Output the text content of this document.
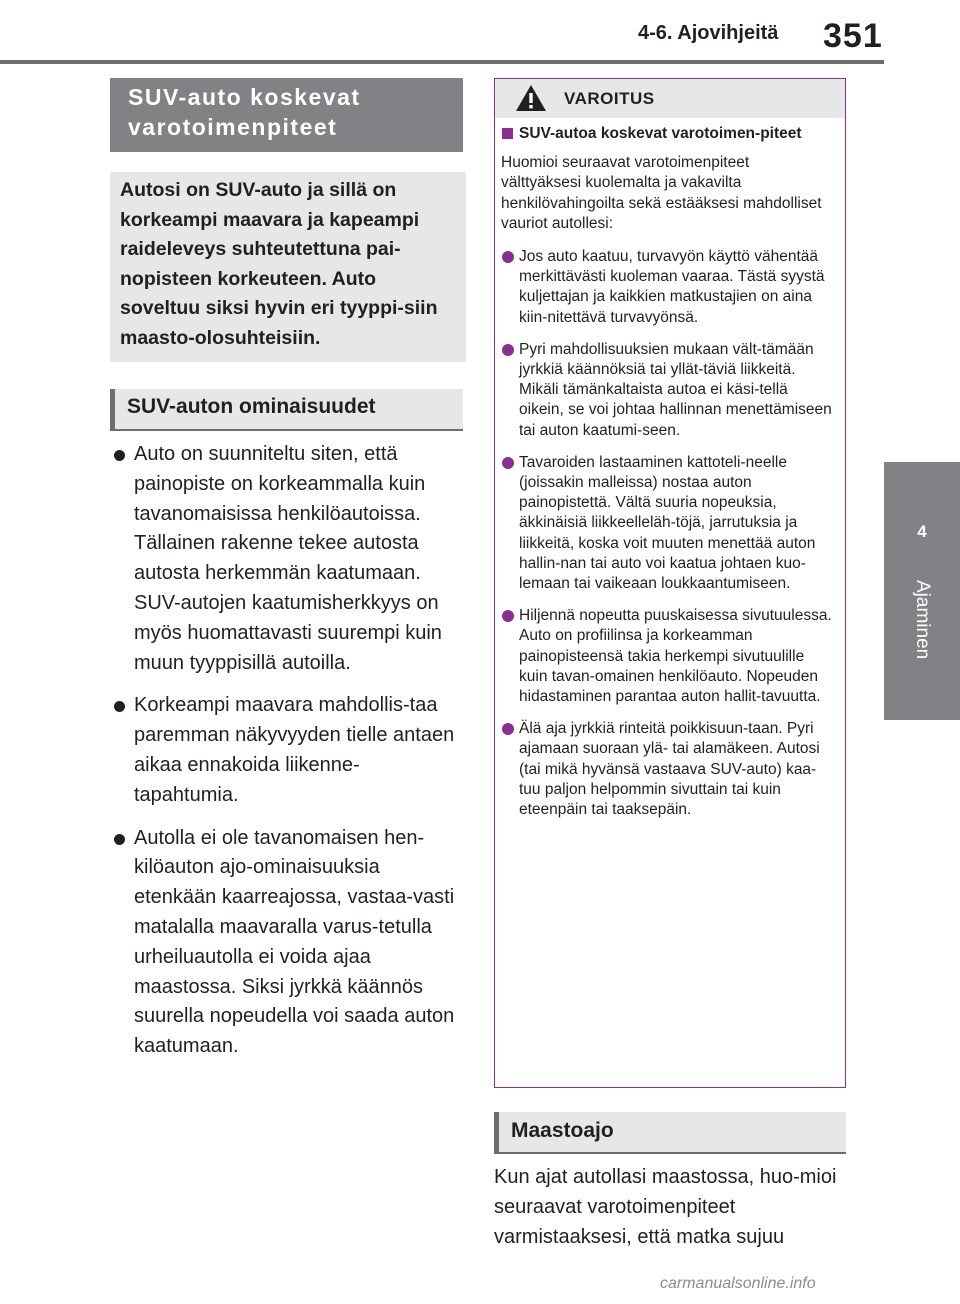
4-6. Ajovihjeitä 351
4
Ajaminen
SUV-auto koskevat varotoimenpiteet
Autosi on SUV-auto ja sillä on korkeampi maavara ja kapeampi raideleveys suhteutettuna pai-nopisteen korkeuteen. Auto soveltuu siksi hyvin eri tyyppi-siin maasto-olosuhteisiin.
SUV-auton ominaisuudet
Auto on suunniteltu siten, että painopiste on korkeammalla kuin tavanomaisissa henkilöautoissa. Tällainen rakenne tekee autosta autosta herkemmän kaatumaan. SUV-autojen kaatumisherkkyys on myös huomattavasti suurempi kuin muun tyyppisillä autoilla.
Korkeampi maavara mahdollis-taa paremman näkyvyyden tielle antaen aikaa ennakoida liikenne-tapahtumia.
Autolla ei ole tavanomaisen hen-kilöauton ajo-ominaisuuksia etenkään kaarreajossa, vastaa-vasti matalalla maavaralla varus-tetulla urheiluautolla ei voida ajaa maastossa. Siksi jyrkkä käännös suurella nopeudella voi saada auton kaatumaan.
VAROITUS
SUV-autoa koskevat varotoimen-piteet
Huomioi seuraavat varotoimenpiteet välttyäksesi kuolemalta ja vakavilta henkilövahingoilta sekä estääksesi mahdolliset vauriot autollesi:
Jos auto kaatuu, turvavyön käyttö vähentää merkittävästi kuoleman vaaraa. Tästä syystä kuljettajan ja kaikkien matkustajien on aina kiin-nitettävä turvavyönsä.
Pyri mahdollisuuksien mukaan vält-tämään jyrkkiä käännöksiä tai yllät-täviä liikkeitä.
Mikäli tämänkaltaista autoa ei käsi-tellä oikein, se voi johtaa hallinnan menettämiseen tai auton kaatumi-seen.
Tavaroiden lastaaminen kattoteli-neelle (joissakin malleissa) nostaa auton painopistettä. Vältä suuria nopeuksia, äkkinäisiä liikkeelleläh-töjä, jarrutuksia ja liikkeitä, koska voit muuten menettää auton hallin-nan tai auto voi kaatua johtaen kuo-lemaan tai vaikeaan loukkaantumiseen.
Hiljennä nopeutta puuskaisessa sivutuulessa. Auto on profiilinsa ja korkeamman painopisteensä takia herkempi sivutuulille kuin tavan-omainen henkilöauto. Nopeuden hidastaminen parantaa auton hallit-tavuutta.
Älä aja jyrkkiä rinteitä poikkisuun-taan. Pyri ajamaan suoraan ylä- tai alamäkeen. Autosi (tai mikä hyvänsä vastaava SUV-auto) kaa-tuu paljon helpommin sivuttain tai kuin eteenpäin tai taaksepäin.
Maastoajo
Kun ajat autollasi maastossa, huo-mioi seuraavat varotoimenpiteet varmistaaksesi, että matka sujuu
carmanualsonline.info
